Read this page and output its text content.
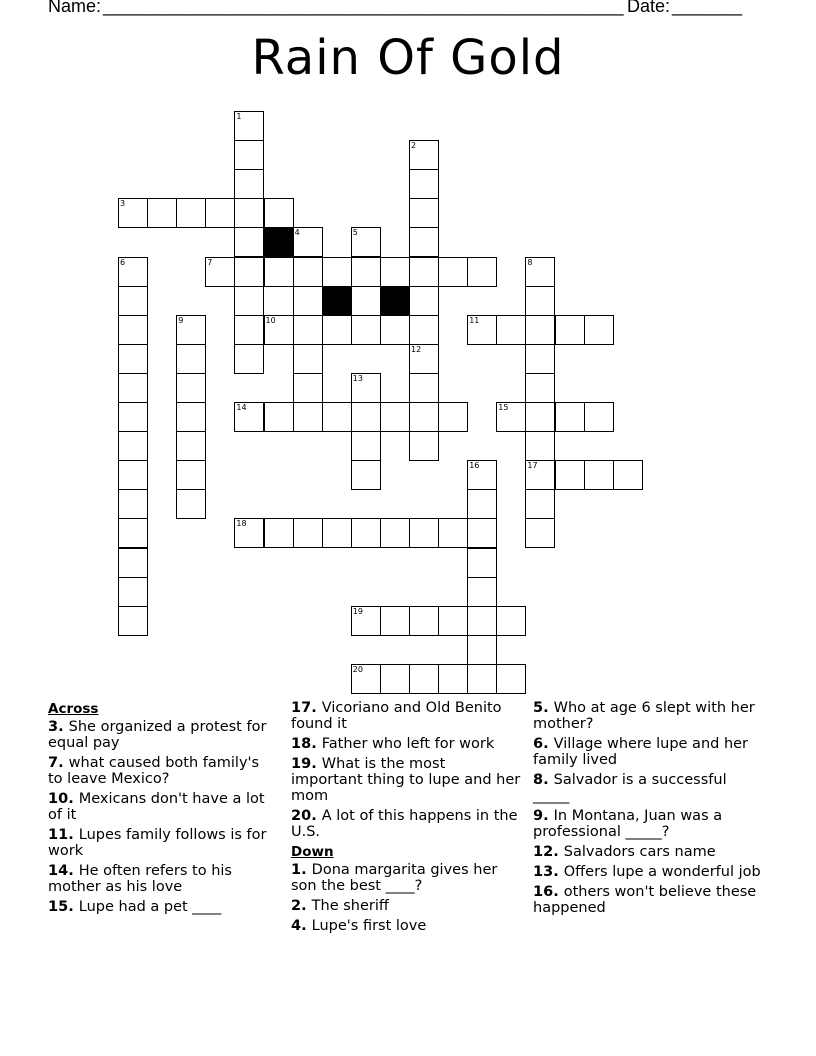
Name: ____________________________________________________ Date: _______
Rain Of Gold
1
2
4	5
6	8
17
9
12
13
16
3
7
10	11
14	15
18
19
20
Across
3. She organized a protest for equal pay
7. what caused both family's to leave Mexico?
10. Mexicans don't have a lot of it
11. Lupes family follows is for work
14. He often refers to his mother as his love
15. Lupe had a pet ____
17. Vicoriano and Old Benito found it
18. Father who left for work
19. What is the most important thing to lupe and her mom
20. A lot of this happens in the U.S.
Down
1. Dona margarita gives her son the best ____?
2. The sheriff
4. Lupe's first love
5. Who at age 6 slept with her mother?
6. Village where lupe and her family lived
8. Salvador is a successful _____
9. In Montana, Juan was a professional _____?
12. Salvadors cars name
13. Offers lupe a wonderful job
16. others won't believe these happened
